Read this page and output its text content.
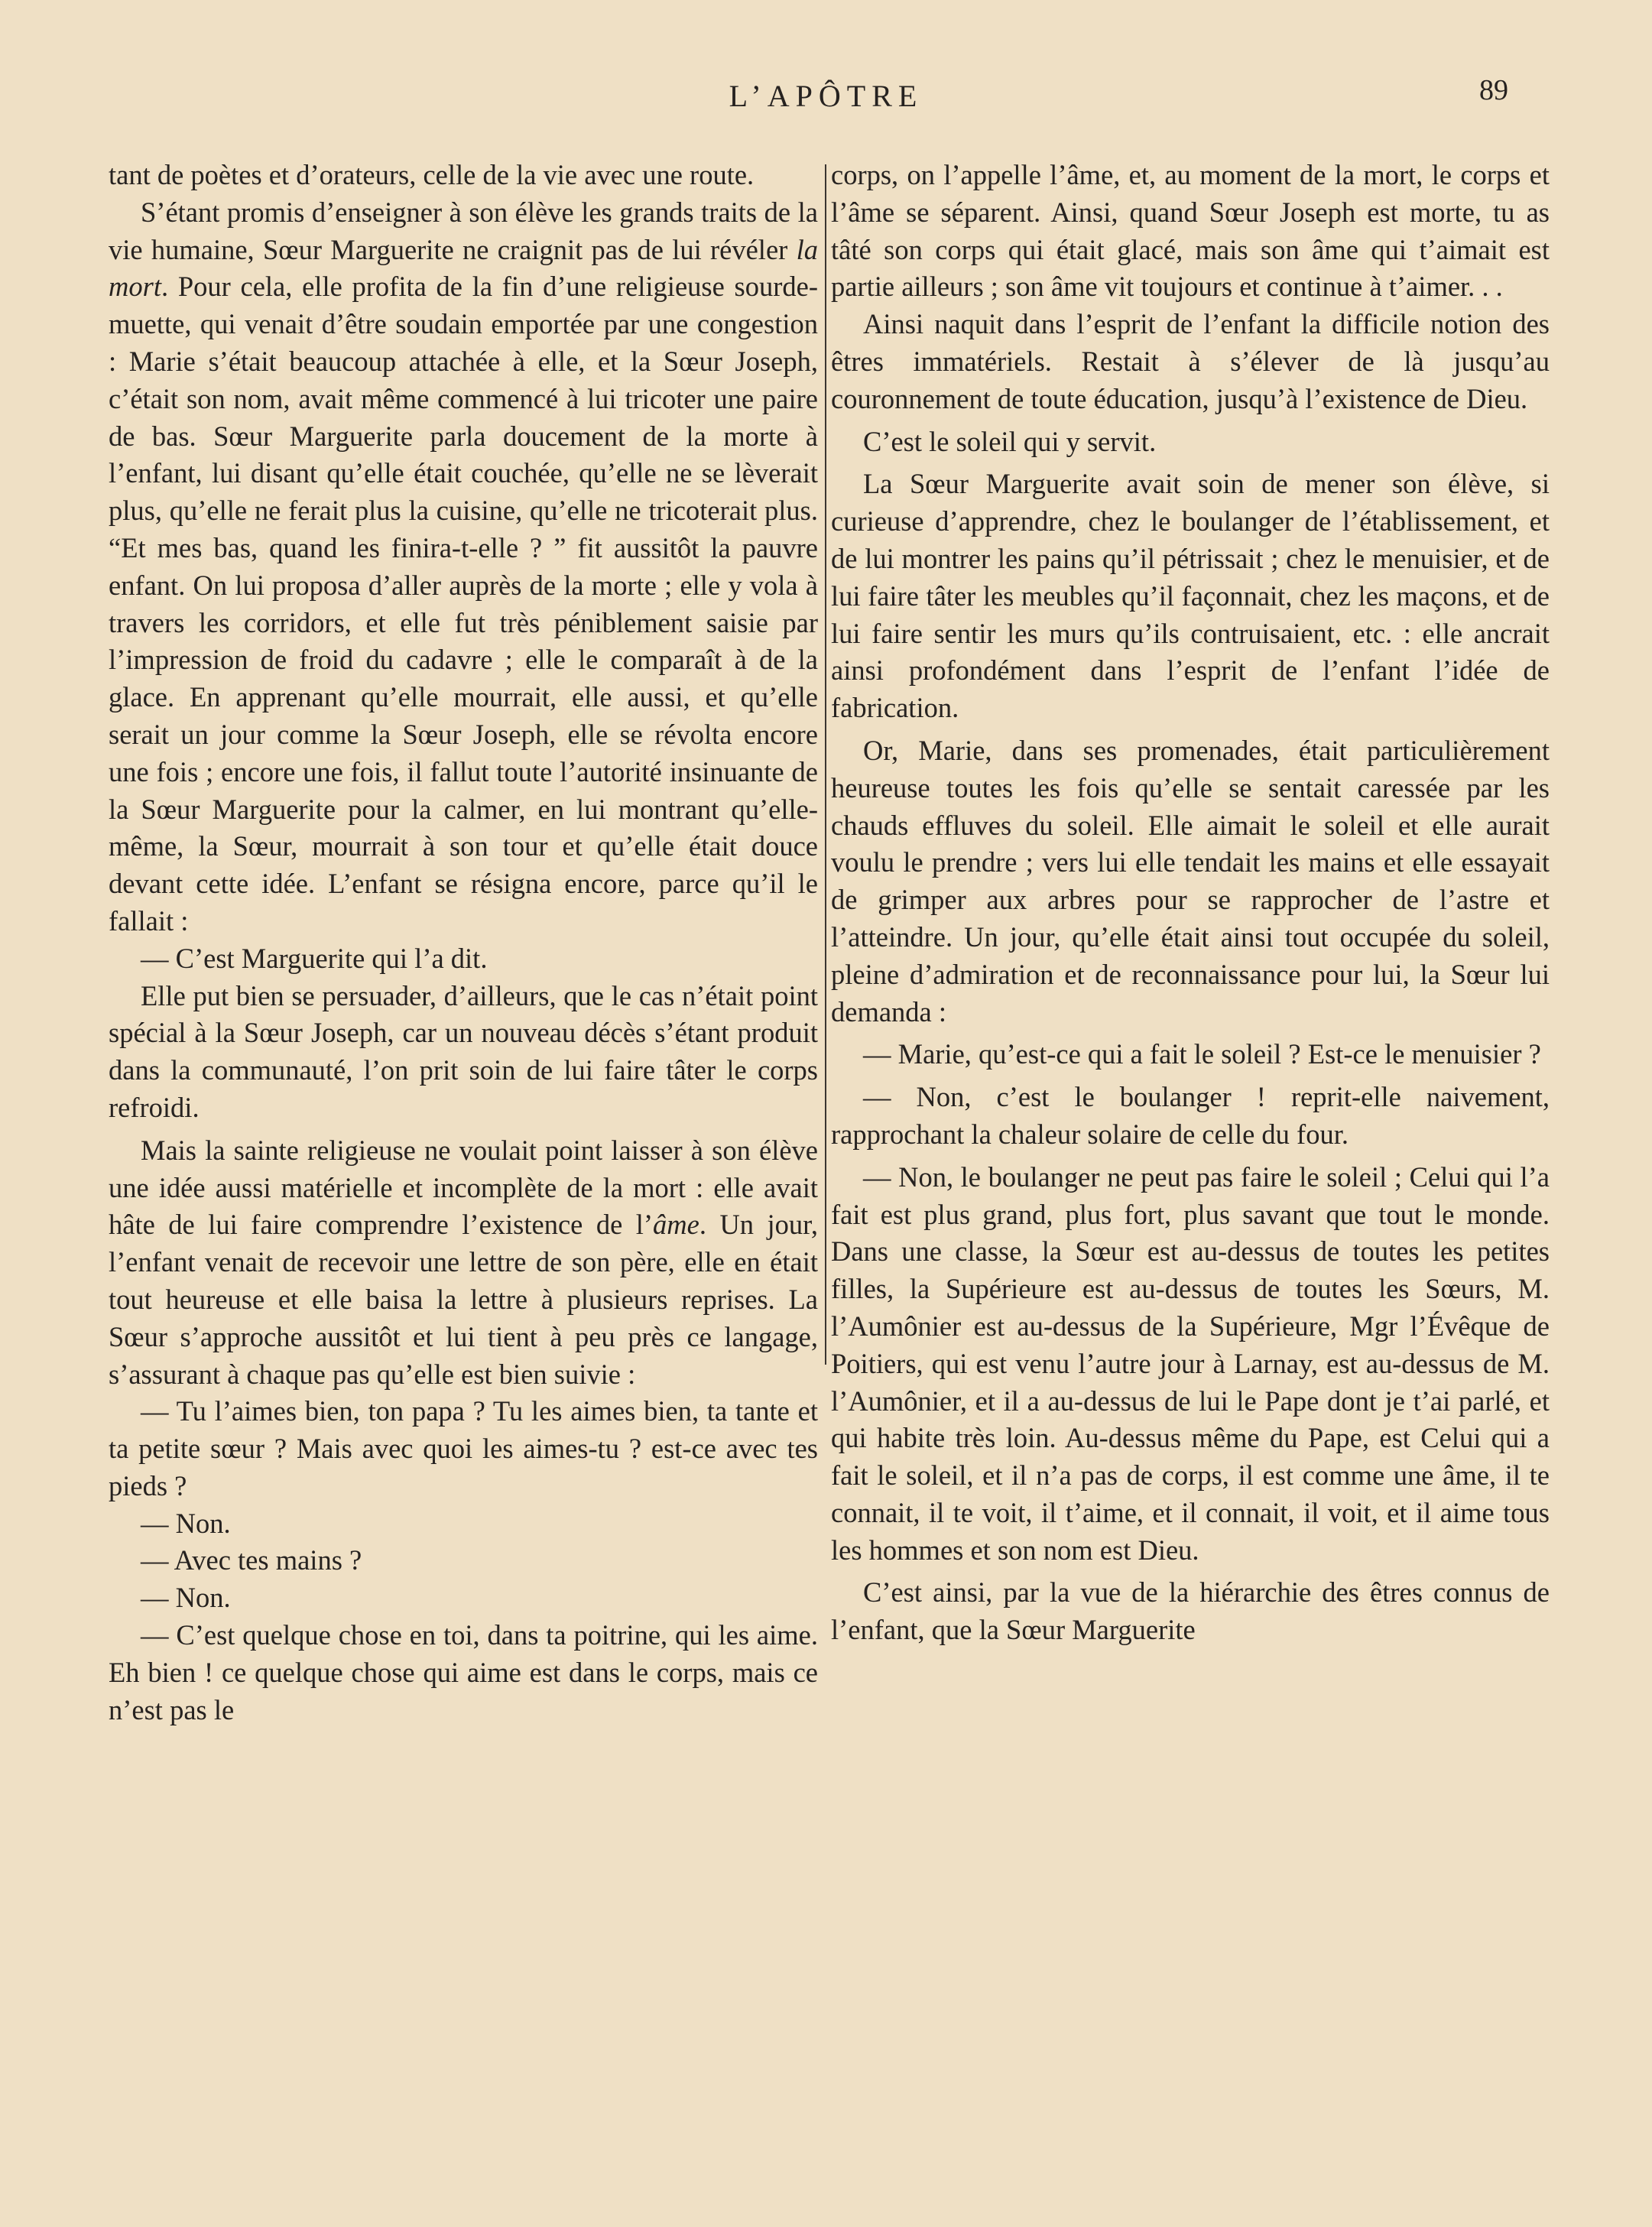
L’APÔTRE	89

tant de poètes et d’orateurs, celle de la vie avec une route.

S’étant promis d’enseigner à son élève les grands traits de la vie humaine, Sœur Marguerite ne craignit pas de lui révéler la mort. Pour cela, elle profita de la fin d’une religieuse sourde-muette, qui venait d’être soudain emportée par une congestion : Marie s’était beaucoup attachée à elle, et la Sœur Joseph, c’était son nom, avait même commencé à lui tricoter une paire de bas. Sœur Marguerite parla doucement de la morte à l’enfant, lui disant qu’elle était couchée, qu’elle ne se lèverait plus, qu’elle ne ferait plus la cuisine, qu’elle ne tricoterait plus. “Et mes bas, quand les finira-t-elle ? ” fit aussitôt la pauvre enfant. On lui proposa d’aller auprès de la morte ; elle y vola à travers les corridors, et elle fut très péniblement saisie par l’impression de froid du cadavre ; elle le comparaît à de la glace. En apprenant qu’elle mourrait, elle aussi, et qu’elle serait un jour comme la Sœur Joseph, elle se révolta encore une fois ; encore une fois, il fallut toute l’autorité insinuante de la Sœur Marguerite pour la calmer, en lui montrant qu’elle-même, la Sœur, mourrait à son tour et qu’elle était douce devant cette idée. L’enfant se résigna encore, parce qu’il le fallait :

— C’est Marguerite qui l’a dit.

Elle put bien se persuader, d’ailleurs, que le cas n’était point spécial à la Sœur Joseph, car un nouveau décès s’étant produit dans la communauté, l’on prit soin de lui faire tâter le corps refroidi.

Mais la sainte religieuse ne voulait point laisser à son élève une idée aussi matérielle et incomplète de la mort : elle avait hâte de lui faire comprendre l’existence de l’âme. Un jour, l’enfant venait de recevoir une lettre de son père, elle en était tout heureuse et elle baisa la lettre à plusieurs reprises. La Sœur s’approche aussitôt et lui tient à peu près ce langage, s’assurant à chaque pas qu’elle est bien suivie :

— Tu l’aimes bien, ton papa ? Tu les aimes bien, ta tante et ta petite sœur ? Mais avec quoi les aimes-tu ? est-ce avec tes pieds ?

— Non.

— Avec tes mains ?

— Non.

— C’est quelque chose en toi, dans ta poitrine, qui les aime. Eh bien ! ce quelque chose qui aime est dans le corps, mais ce n’est pas le

corps, on l’appelle l’âme, et, au moment de la mort, le corps et l’âme se séparent. Ainsi, quand Sœur Joseph est morte, tu as tâté son corps qui était glacé, mais son âme qui t’aimait est partie ailleurs ; son âme vit toujours et continue à t’aimer. . .

Ainsi naquit dans l’esprit de l’enfant la difficile notion des êtres immatériels. Restait à s’élever de là jusqu’au couronnement de toute éducation, jusqu’à l’existence de Dieu.

C’est le soleil qui y servit.

La Sœur Marguerite avait soin de mener son élève, si curieuse d’apprendre, chez le boulanger de l’établissement, et de lui montrer les pains qu’il pétrissait ; chez le menuisier, et de lui faire tâter les meubles qu’il façonnait, chez les maçons, et de lui faire sentir les murs qu’ils contruisaient, etc. : elle ancrait ainsi profondément dans l’esprit de l’enfant l’idée de fabrication.

Or, Marie, dans ses promenades, était particulièrement heureuse toutes les fois qu’elle se sentait caressée par les chauds effluves du soleil. Elle aimait le soleil et elle aurait voulu le prendre ; vers lui elle tendait les mains et elle essayait de grimper aux arbres pour se rapprocher de l’astre et l’atteindre. Un jour, qu’elle était ainsi tout occupée du soleil, pleine d’admiration et de reconnaissance pour lui, la Sœur lui demanda :

— Marie, qu’est-ce qui a fait le soleil ? Est-ce le menuisier ?

— Non, c’est le boulanger ! reprit-elle naivement, rapprochant la chaleur solaire de celle du four.

— Non, le boulanger ne peut pas faire le soleil ; Celui qui l’a fait est plus grand, plus fort, plus savant que tout le monde. Dans une classe, la Sœur est au-dessus de toutes les petites filles, la Supérieure est au-dessus de toutes les Sœurs, M. l’Aumônier est au-dessus de la Supérieure, Mgr l’Évêque de Poitiers, qui est venu l’autre jour à Larnay, est au-dessus de M. l’Aumônier, et il a au-dessus de lui le Pape dont je t’ai parlé, et qui habite très loin. Au-dessus même du Pape, est Celui qui a fait le soleil, et il n’a pas de corps, il est comme une âme, il te connait, il te voit, il t’aime, et il connait, il voit, et il aime tous les hommes et son nom est Dieu.

C’est ainsi, par la vue de la hiérarchie des êtres connus de l’enfant, que la Sœur Marguerite
